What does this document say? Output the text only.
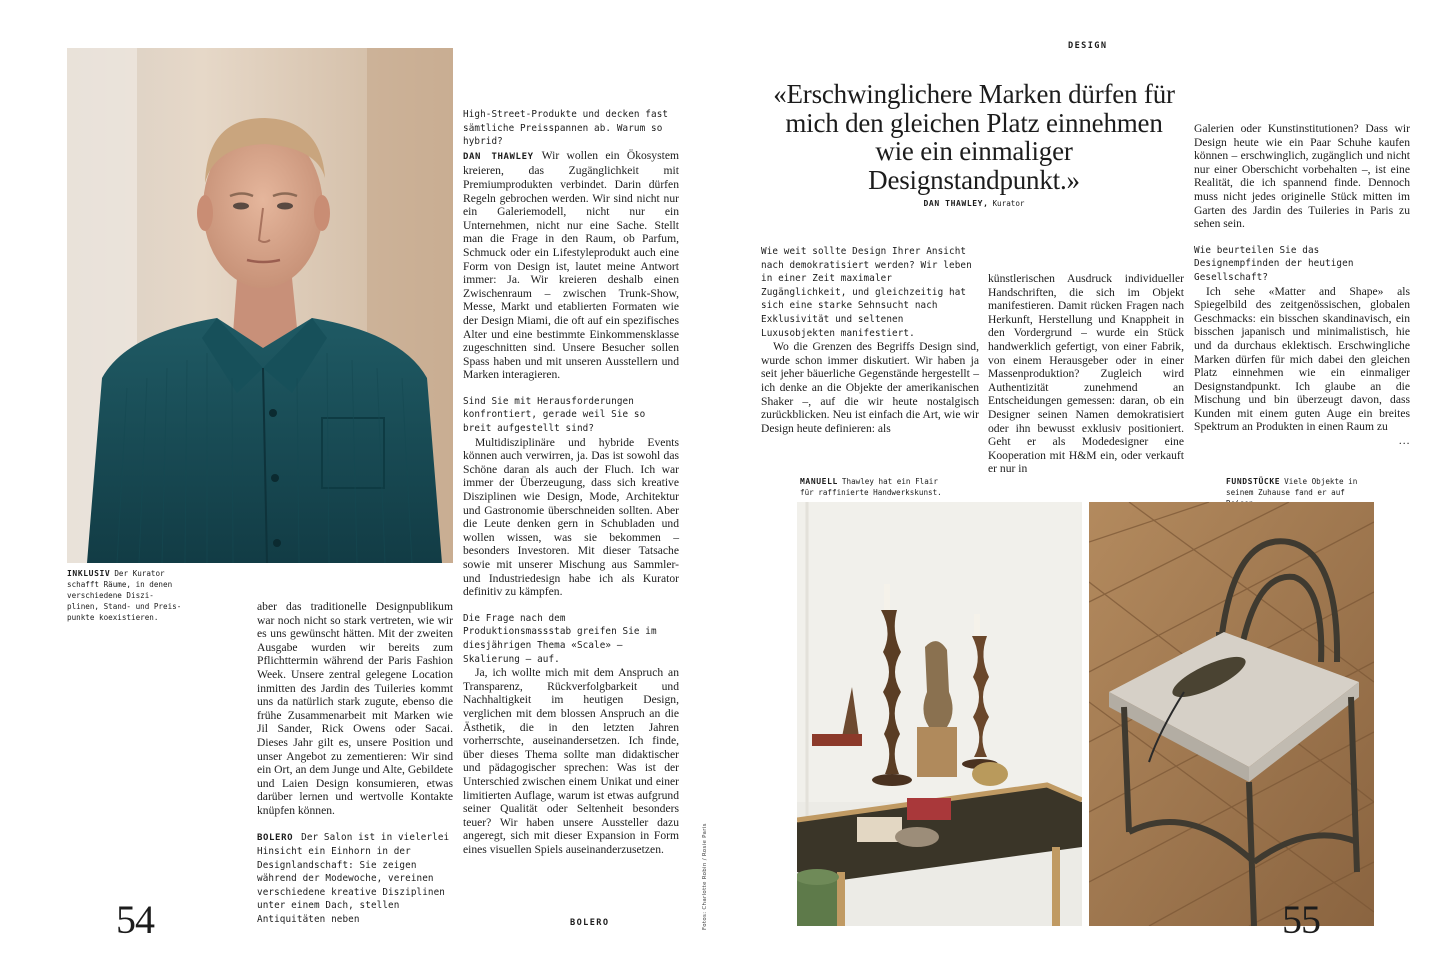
INKLUSIV Der Kurator schafft Räume, in denen verschiedene Diszi-plinen, Stand- und Preis-punkte koexistieren.

aber das traditionelle Designpublikum war noch nicht so stark vertreten, wie wir es uns gewünscht hätten. Mit der zweiten Ausgabe wurden wir bereits zum Pflichttermin während der Paris Fashion Week. Unsere zentral gelegene Location inmitten des Jardin des Tuileries kommt uns da natürlich stark zugute, ebenso die frühe Zusammenarbeit mit Marken wie Jil Sander, Rick Owens oder Sacai. Dieses Jahr gilt es, unsere Position und unser Angebot zu zementieren: Wir sind ein Ort, an dem Junge und Alte, Gebildete und Laien Design konsumieren, etwas darüber lernen und wertvolle Kontakte knüpfen können.

BOLERO Der Salon ist in vielerlei Hinsicht ein Einhorn in der Designlandschaft: Sie zeigen während der Modewoche, vereinen verschiedene kreative Disziplinen unter einem Dach, stellen Antiquitäten neben

High-Street-Produkte und decken fast sämtliche Preisspannen ab. Warum so hybrid?

DAN THAWLEY Wir wollen ein Ökosystem kreieren, das Zugänglichkeit mit Premiumprodukten verbindet. Darin dürfen Regeln gebrochen werden. Wir sind nicht nur ein Galeriemodell, nicht nur ein Unternehmen, nicht nur eine Sache. Stellt man die Frage in den Raum, ob Parfum, Schmuck oder ein Lifestyleprodukt auch eine Form von Design ist, lautet meine Antwort immer: Ja. Wir kreieren deshalb einen Zwischenraum – zwischen Trunk-Show, Messe, Markt und etablierten Formaten wie der Design Miami, die oft auf ein spezifisches Alter und eine bestimmte Einkommensklasse zugeschnitten sind. Unsere Besucher sollen Spass haben und mit unseren Ausstellern und Marken interagieren.

Sind Sie mit Herausforderungen konfrontiert, gerade weil Sie so breit aufgestellt sind?

Multidisziplinäre und hybride Events können auch verwirren, ja. Das ist sowohl das Schöne daran als auch der Fluch. Ich war immer der Überzeugung, dass sich kreative Disziplinen wie Design, Mode, Architektur und Gastronomie überschneiden sollten. Aber die Leute denken gern in Schubladen und wollen wissen, was sie bekommen – besonders Investoren. Mit dieser Tatsache sowie mit unserer Mischung aus Sammler- und Industriedesign habe ich als Kurator definitiv zu kämpfen.

Die Frage nach dem Produktionsmassstab greifen Sie im diesjährigen Thema «Scale» – Skalierung – auf.

Ja, ich wollte mich mit dem Anspruch an Transparenz, Rückverfolgbarkeit und Nachhaltigkeit im heutigen Design, verglichen mit dem blossen Anspruch an die Ästhetik, die in den letzten Jahren vorherrschte, auseinandersetzen. Ich finde, über dieses Thema sollte man didaktischer und pädagogischer sprechen: Was ist der Unterschied zwischen einem Unikat und einer limitierten Auflage, warum ist etwas aufgrund seiner Qualität oder Seltenheit besonders teuer? Wir haben unsere Aussteller dazu angeregt, sich mit dieser Expansion in Form eines visuellen Spiels auseinanderzusetzen.

54	BOLERO	Fotos: Charlotte Robin / Rosie Paris
DESIGN
«Erschwinglichere Marken dürfen für mich den gleichen Platz einnehmen wie ein einmaliger Designstandpunkt.»
DAN THAWLEY, Kurator

Wie weit sollte Design Ihrer Ansicht nach demokratisiert werden? Wir leben in einer Zeit maximaler Zugänglichkeit, und gleichzeitig hat sich eine starke Sehnsucht nach Exklusivität und seltenen Luxusobjekten manifestiert.

Wo die Grenzen des Begriffs Design sind, wurde schon immer diskutiert. Wir haben ja seit jeher bäuerliche Gegenstände hergestellt – ich denke an die Objekte der amerikanischen Shaker –, auf die wir heute nostalgisch zurückblicken. Neu ist einfach die Art, wie wir Design heute definieren: als

künstlerischen Ausdruck individueller Handschriften, die sich im Objekt manifestieren. Damit rücken Fragen nach Herkunft, Herstellung und Knappheit in den Vordergrund – wurde ein Stück handwerklich gefertigt, von einer Fabrik, von einem Herausgeber oder in einer Massenproduktion? Zugleich wird Authentizität zunehmend an Entscheidungen gemessen: daran, ob ein Designer seinen Namen demokratisiert oder ihn bewusst exklusiv positioniert. Geht er als Modedesigner eine Kooperation mit H&M ein, oder verkauft er nur in

Galerien oder Kunstinstitutionen? Dass wir Design heute wie ein Paar Schuhe kaufen können – erschwinglich, zugänglich und nicht nur einer Oberschicht vorbehalten –, ist eine Realität, die ich spannend finde. Dennoch muss nicht jedes originelle Stück mitten im Garten des Jardin des Tuileries in Paris zu sehen sein.

Wie beurteilen Sie das Designempfinden der heutigen Gesellschaft?

Ich sehe «Matter and Shape» als Spiegelbild des zeitgenössischen, globalen Geschmacks: ein bisschen skandinavisch, ein bisschen japanisch und minimalistisch, hie und da durchaus eklektisch. Erschwingliche Marken dürfen für mich dabei den gleichen Platz einnehmen wie ein einmaliger Designstandpunkt. Ich glaube an die Mischung und bin überzeugt davon, dass Kunden mit einem guten Auge ein breites Spektrum an Produkten in einen Raum zu

…
MANUELL Thawley hat ein Flair für raffinierte Handwerkskunst.
FUNDSTÜCKE Viele Objekte in seinem Zuhause fand er auf
55
